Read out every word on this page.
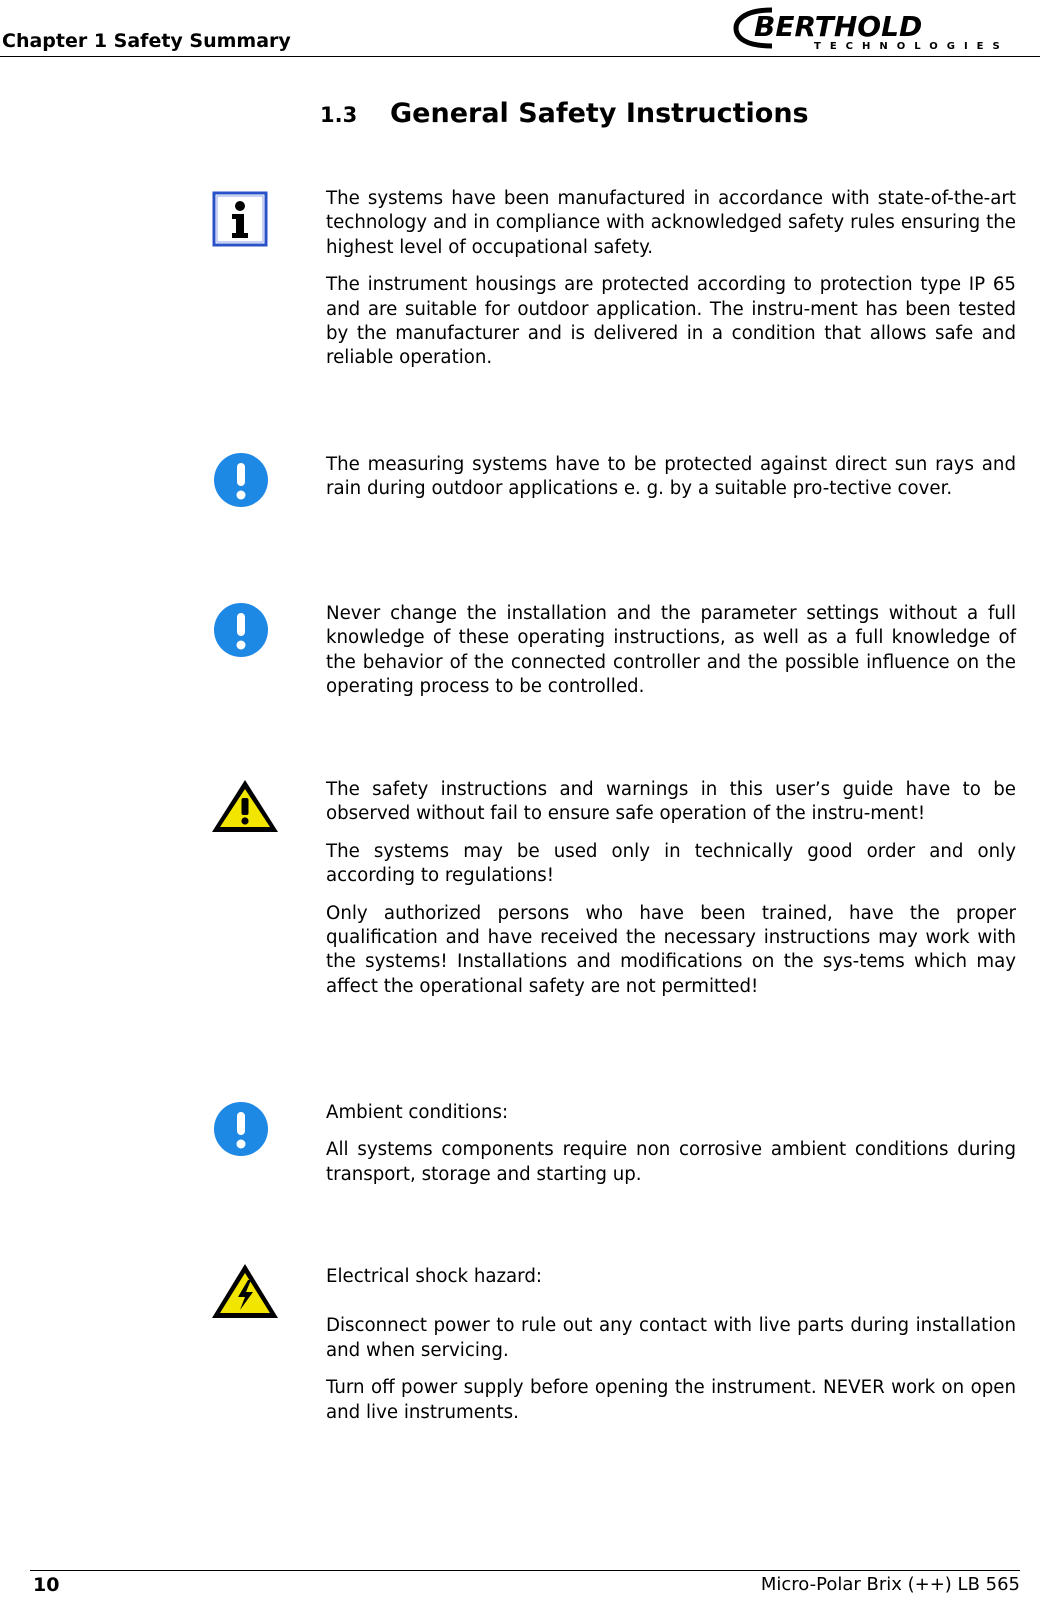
Chapter 1 Safety Summary	BERTHOLD
TECHNOLOGIES
1.3 General Safety Instructions

The systems have been manufactured in accordance with state-of-the-art technology and in compliance with acknowledged safety rules ensuring the highest level of occupational safety.

The instrument housings are protected according to protection type IP 65 and are suitable for outdoor application. The instru-ment has been tested by the manufacturer and is delivered in a condition that allows safe and reliable operation.

The measuring systems have to be protected against direct sun rays and rain during outdoor applications e. g. by a suitable pro-tective cover.

Never change the installation and the parameter settings without a full knowledge of these operating instructions, as well as a full knowledge of the behavior of the connected controller and the possible influence on the operating process to be controlled.

The safety instructions and warnings in this user’s guide have to be observed without fail to ensure safe operation of the instru-ment!

The systems may be used only in technically good order and only according to regulations!

Only authorized persons who have been trained, have the proper qualification and have received the necessary instructions may work with the systems! Installations and modifications on the sys-tems which may affect the operational safety are not permitted!

Ambient conditions:

All systems components require non corrosive ambient conditions during transport, storage and starting up.

Electrical shock hazard:

Disconnect power to rule out any contact with live parts during installation and when servicing.

Turn off power supply before opening the instrument. NEVER work on open and live instruments.

10	Micro-Polar Brix (++) LB 565
